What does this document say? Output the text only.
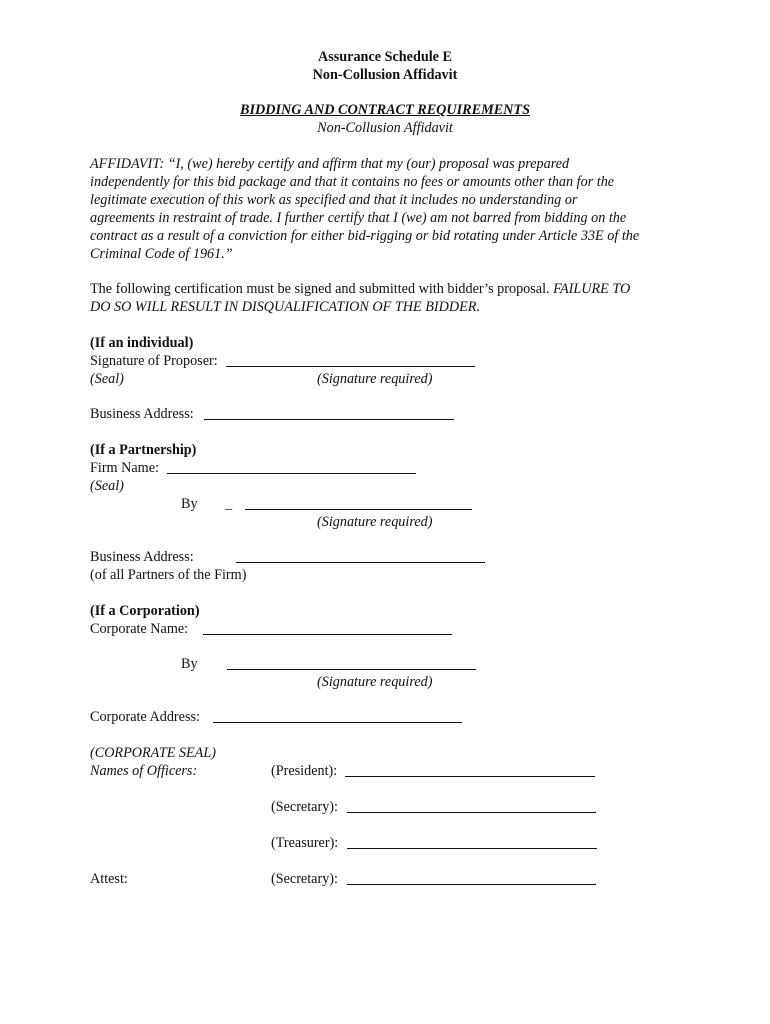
Assurance Schedule E
Non-Collusion Affidavit
BIDDING AND CONTRACT REQUIREMENTS
Non-Collusion Affidavit
AFFIDAVIT: “I, (we) hereby certify and affirm that my (our) proposal was prepared
independently for this bid package and that it contains no fees or amounts other than for the
legitimate execution of this work as specified and that it includes no understanding or
agreements in restraint of trade. I further certify that I (we) am not barred from bidding on the
contract as a result of a conviction for either bid-rigging or bid rotating under Article 33E of the
Criminal Code of 1961.”
The following certification must be signed and submitted with bidder’s proposal. FAILURE TO
DO SO WILL RESULT IN DISQUALIFICATION OF THE BIDDER.
(If an individual)
Signature of Proposer:
(Seal)	(Signature required)
Business Address:
(If a Partnership)
Firm Name:
(Seal)
By _
(Signature required)
Business Address:
(of all Partners of the Firm)
(If a Corporation)
Corporate Name:
By
(Signature required)
Corporate Address:
(CORPORATE SEAL)
Names of Officers:	(President):
(Secretary):
(Treasurer):
Attest:	(Secretary):
